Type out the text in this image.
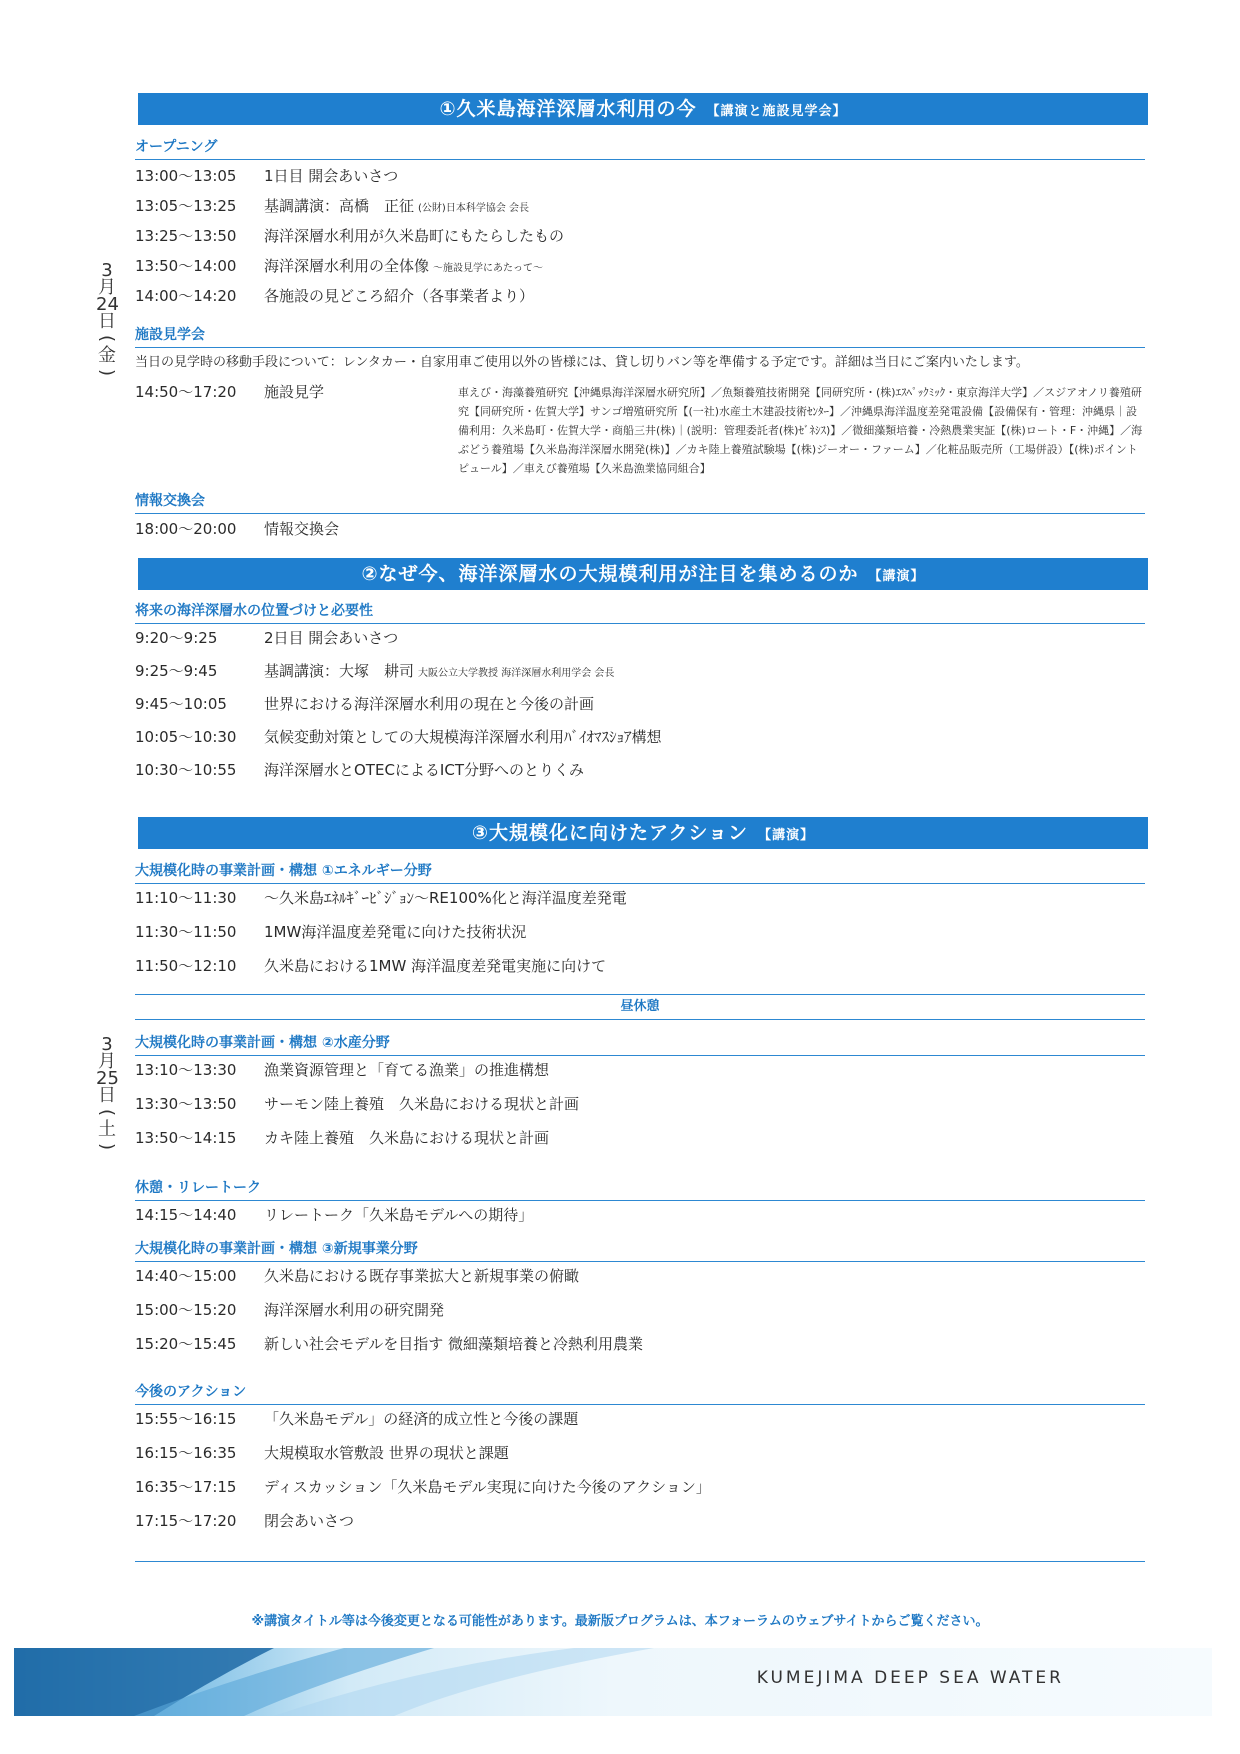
3
月
24
日
(
金
)
3
月
25
日
(
土
)
①久米島海洋深層水利用の今 【講演と施設見学会】
オープニング
13:00～13:05 1日目 開会あいさつ
13:05～13:25 基調講演：高橋　正征 (公財)日本科学協会 会長
13:25～13:50 海洋深層水利用が久米島町にもたらしたもの
13:50～14:00 海洋深層水利用の全体像 ～施設見学にあたって～
14:00～14:20 各施設の見どころ紹介（各事業者より）
施設見学会
当日の見学時の移動手段について：レンタカー・自家用車ご使用以外の皆様には、貸し切りバン等を準備する予定です。詳細は当日にご案内いたします。
14:50～17:20 施設見学	車えび・海藻養殖研究【沖縄県海洋深層水研究所】／魚類養殖技術開発【同研究所・(株)ｴｽﾍﾟｯｸﾐｯｸ・東京海洋大学】／スジアオノリ養殖研究【同研究所・佐賀大学】サンゴ増殖研究所【(一社)水産土木建設技術ｾﾝﾀｰ】／沖縄県海洋温度差発電設備【設備保有・管理：沖縄県｜設備利用：久米島町・佐賀大学・商船三井(株)｜(説明：管理委託者(株)ｾﾞﾈｼｽ)】／微細藻類培養・冷熱農業実証【(株)ロート・F・沖縄】／海ぶどう養殖場【久米島海洋深層水開発(株)】／カキ陸上養殖試験場【(株)ジーオー・ファーム】／化粧品販売所（工場併設）【(株)ポイントピュール】／車えび養殖場【久米島漁業協同組合】
情報交換会
18:00～20:00 情報交換会
②なぜ今、海洋深層水の大規模利用が注目を集めるのか 【講演】
将来の海洋深層水の位置づけと必要性
9:20～9:25	2日目 開会あいさつ
9:25～9:45	基調講演：大塚　耕司 大阪公立大学教授 海洋深層水利用学会 会長
9:45～10:05 世界における海洋深層水利用の現在と今後の計画
10:05～10:30 気候変動対策としての大規模海洋深層水利用ﾊﾞｲｵﾏｽｼｮｱ構想
10:30～10:55 海洋深層水とOTECによるICT分野へのとりくみ
③大規模化に向けたアクション 【講演】
大規模化時の事業計画・構想 ①エネルギー分野
11:10～11:30 ～久米島ｴﾈﾙｷﾞｰﾋﾞｼﾞｮﾝ～RE100%化と海洋温度差発電
11:30～11:50 1MW海洋温度差発電に向けた技術状況
11:50～12:10 久米島における1MW 海洋温度差発電実施に向けて
昼休憩
大規模化時の事業計画・構想 ②水産分野
13:10～13:30 漁業資源管理と「育てる漁業」の推進構想
13:30～13:50 サーモン陸上養殖　久米島における現状と計画
13:50～14:15 カキ陸上養殖　久米島における現状と計画
休憩・リレートーク
14:15～14:40 リレートーク「久米島モデルへの期待」
大規模化時の事業計画・構想 ③新規事業分野
14:40～15:00 久米島における既存事業拡大と新規事業の俯瞰
15:00～15:20 海洋深層水利用の研究開発
15:20～15:45 新しい社会モデルを目指す 微細藻類培養と冷熱利用農業
今後のアクション
15:55～16:15 「久米島モデル」の経済的成立性と今後の課題
16:15～16:35 大規模取水管敷設 世界の現状と課題
16:35～17:15 ディスカッション「久米島モデル実現に向けた今後のアクション」
17:15～17:20 閉会あいさつ
※講演タイトル等は今後変更となる可能性があります。最新版プログラムは、本フォーラムのウェブサイトからご覧ください。
KUMEJIMA DEEP SEA WATER
